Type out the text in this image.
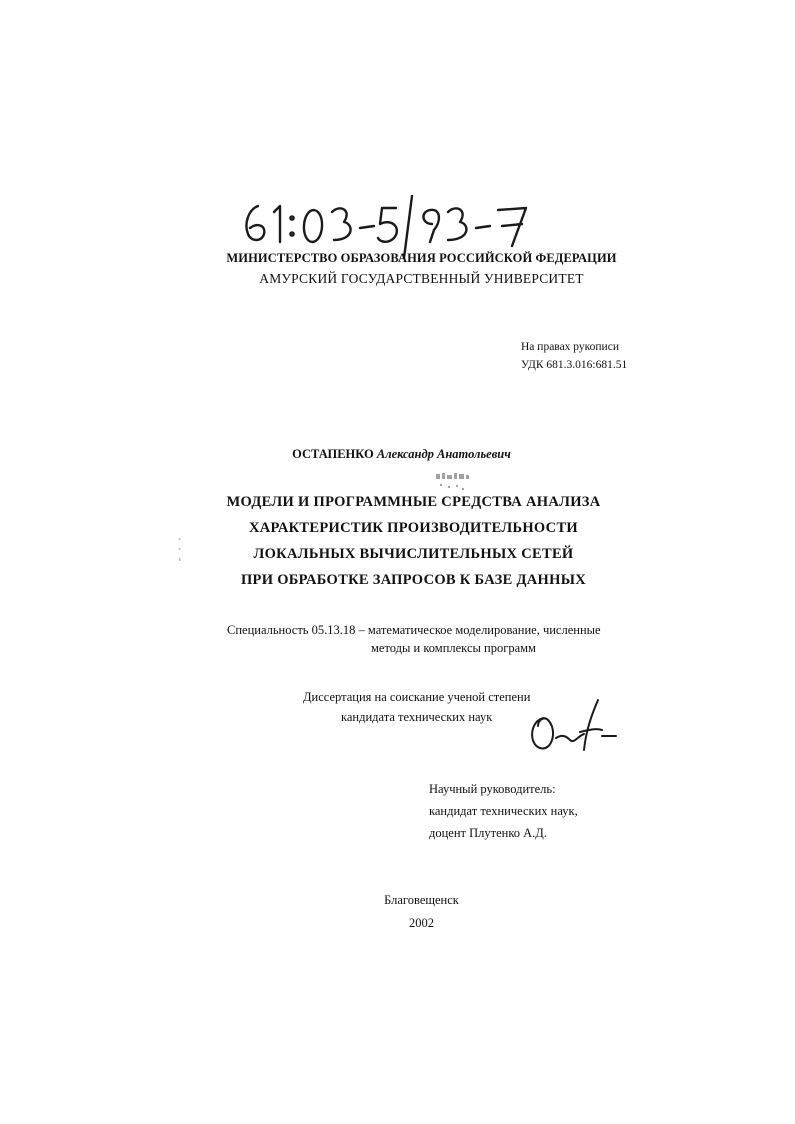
МИНИСТЕРСТВО ОБРАЗОВАНИЯ РОССИЙСКОЙ ФЕДЕРАЦИИ
АМУРСКИЙ ГОСУДАРСТВЕННЫЙ УНИВЕРСИТЕТ
На правах рукописи
УДК 681.3.016:681.51
ОСТАПЕНКО Александр Анатольевич
МОДЕЛИ И ПРОГРАММНЫЕ СРЕДСТВА АНАЛИЗА
ХАРАКТЕРИСТИК ПРОИЗВОДИТЕЛЬНОСТИ
ЛОКАЛЬНЫХ ВЫЧИСЛИТЕЛЬНЫХ СЕТЕЙ
ПРИ ОБРАБОТКЕ ЗАПРОСОВ К БАЗЕ ДАННЫХ
Специальность 05.13.18 – математическое моделирование, численные
методы и комплексы программ
Диссертация на соискание ученой степени
кандидата технических наук
Научный руководитель:
кандидат технических наук,
доцент Плутенко А.Д.
Благовещенск
2002
